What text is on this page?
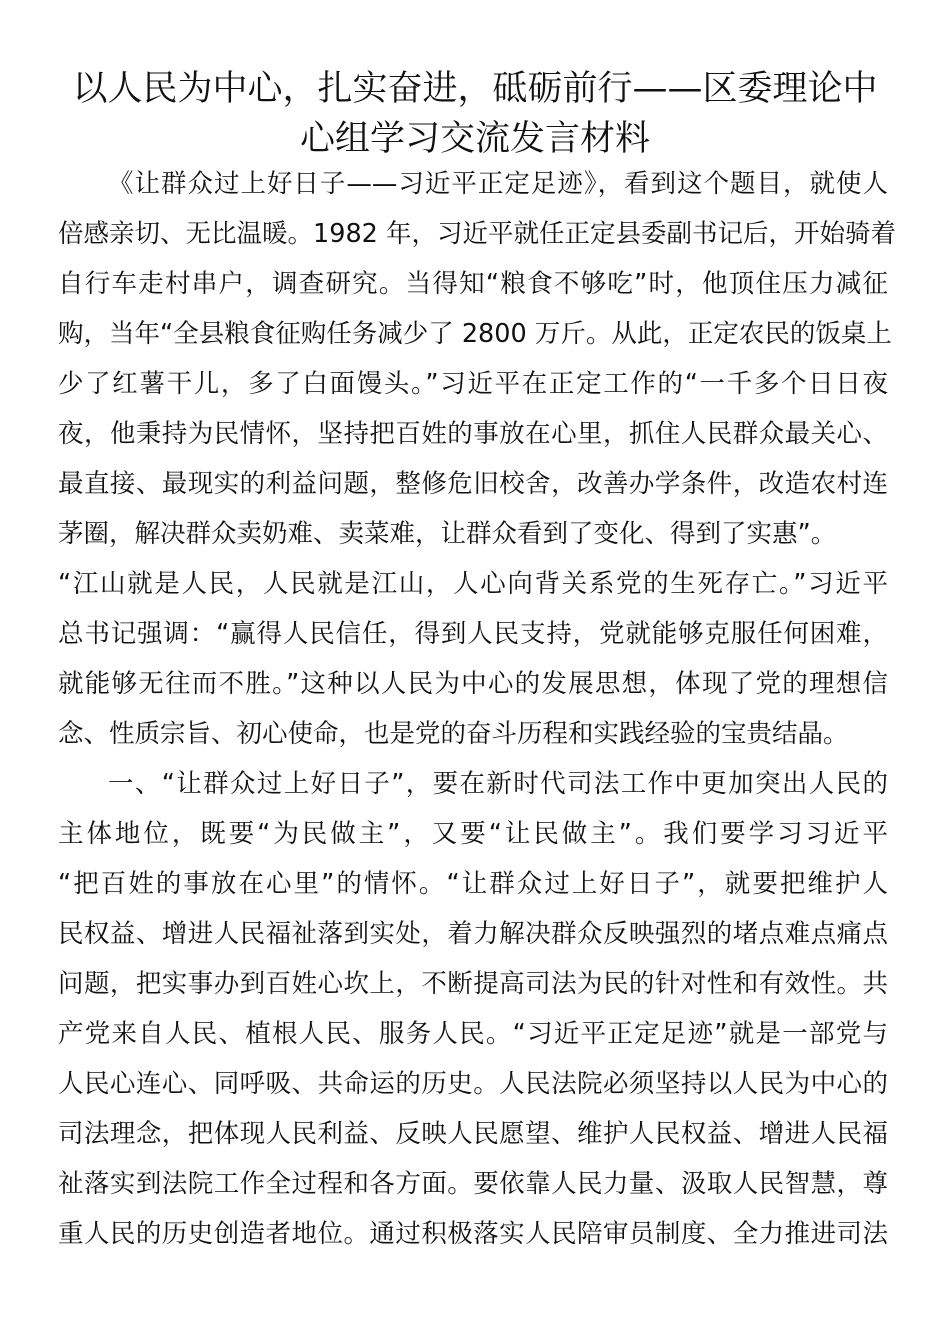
以人民为中心，扎实奋进，砥砺前行——区委理论中
心组学习交流发言材料

《让群众过上好日子——习近平正定足迹》，看到这个题目，就使人

倍感亲切、无比温暖。1982 年，习近平就任正定县委副书记后，开始骑着

自行车走村串户，调查研究。当得知“粮食不够吃”时，他顶住压力减征

购，当年“全县粮食征购任务减少了 2800 万斤。从此，正定农民的饭桌上

少了红薯干儿，多了白面馒头。”习近平在正定工作的“一千多个日日夜

夜，他秉持为民情怀，坚持把百姓的事放在心里，抓住人民群众最关心、

最直接、最现实的利益问题，整修危旧校舍，改善办学条件，改造农村连

茅圈，解决群众卖奶难、卖菜难，让群众看到了变化、得到了实惠”。

“江山就是人民，人民就是江山，人心向背关系党的生死存亡。”习近平

总书记强调：“赢得人民信任，得到人民支持，党就能够克服任何困难，

就能够无往而不胜。”这种以人民为中心的发展思想，体现了党的理想信

念、性质宗旨、初心使命，也是党的奋斗历程和实践经验的宝贵结晶。

一、“让群众过上好日子”，要在新时代司法工作中更加突出人民的

主体地位，既要“为民做主”，又要“让民做主”。我们要学习习近平

“把百姓的事放在心里”的情怀。“让群众过上好日子”，就要把维护人

民权益、增进人民福祉落到实处，着力解决群众反映强烈的堵点难点痛点

问题，把实事办到百姓心坎上，不断提高司法为民的针对性和有效性。共

产党来自人民、植根人民、服务人民。“习近平正定足迹”就是一部党与

人民心连心、同呼吸、共命运的历史。人民法院必须坚持以人民为中心的

司法理念，把体现人民利益、反映人民愿望、维护人民权益、增进人民福

祉落实到法院工作全过程和各方面。要依靠人民力量、汲取人民智慧，尊

重人民的历史创造者地位。通过积极落实人民陪审员制度、全力推进司法
